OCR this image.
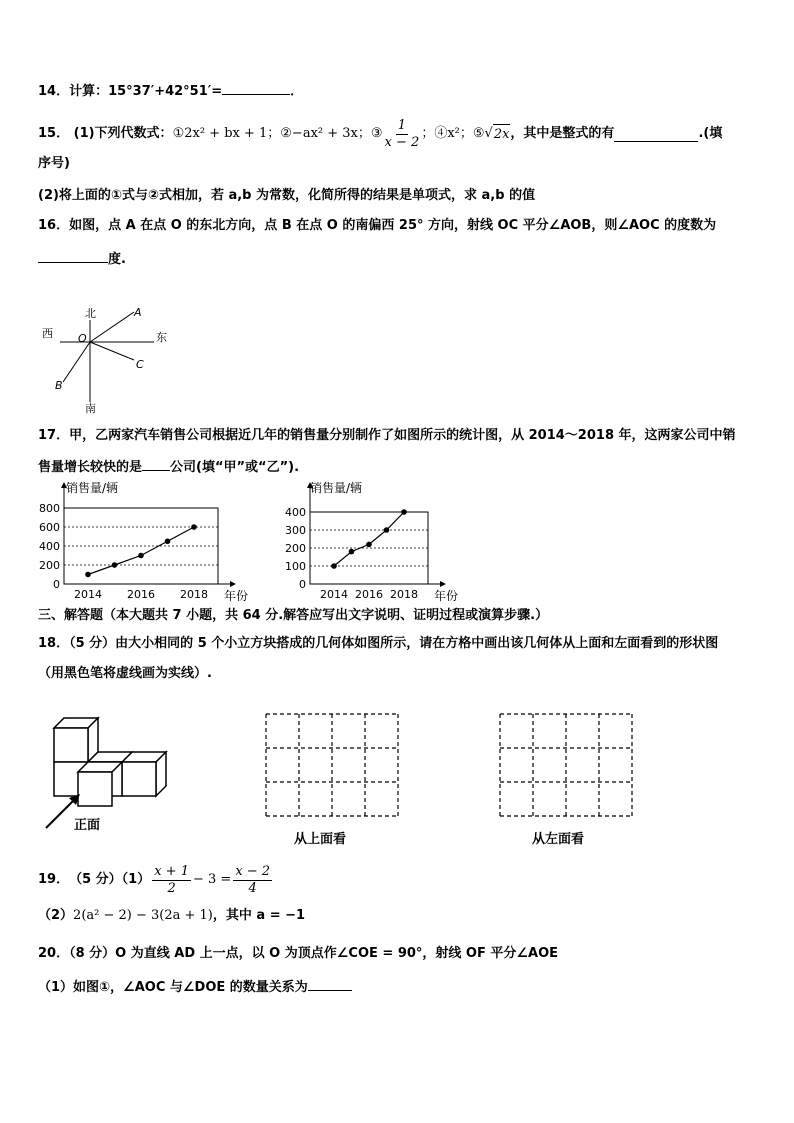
14．计算：15°37′+42°51′=	．
15．
(1)下列代数式： ①2x² + bx + 1； ②−ax² + 3x； ③ $\frac{1}{x - 2}$ ；④x²； ⑤ √ 2x ，其中是整式的有	.(填
序号)
(2)将上面的①式与②式相加，若 a,b 为常数，化简所得的结果是单项式，求 a,b 的值
16．如图，点 A 在点 O 的东北方向，点 B 在点 O 的南偏西 25° 方向，射线 OC 平分∠AOB，则∠AOC 的度数为
度.
北
南
西	东
O
A
B
C
17．甲，乙两家汽车销售公司根据近几年的销售量分别制作了如图所示的统计图，从 2014～2018 年，这两家公司中销
售量增长较快的是 公司(填“甲”或“乙”).
0
200
400
600
800
2014 2016 2018
销售量/辆
年份
0
100
200
300
400
2014 2016 2018
销售量/辆
年份
三、解答题（本大题共 7 小题，共 64 分.解答应写出文字说明、证明过程或演算步骤.）
18．（5 分）由大小相同的 5 个小立方块搭成的几何体如图所示，请在方格中画出该几何体从上面和左面看到的形状图
（用黑色笔将虚线画为实线）.
正面
从上面看	从左面看
19． （5 分）$(1) \frac{x + 1}{2} - 3 = \frac{x - 2}{4}$
（2）2(a² − 2) − 3(2a + 1)，其中 a = −1
20．（8 分）O 为直线 AD 上一点，以 O 为顶点作∠COE = 90°，射线 OF 平分∠AOE
（1）如图①，∠AOC 与∠DOE 的数量关系为
